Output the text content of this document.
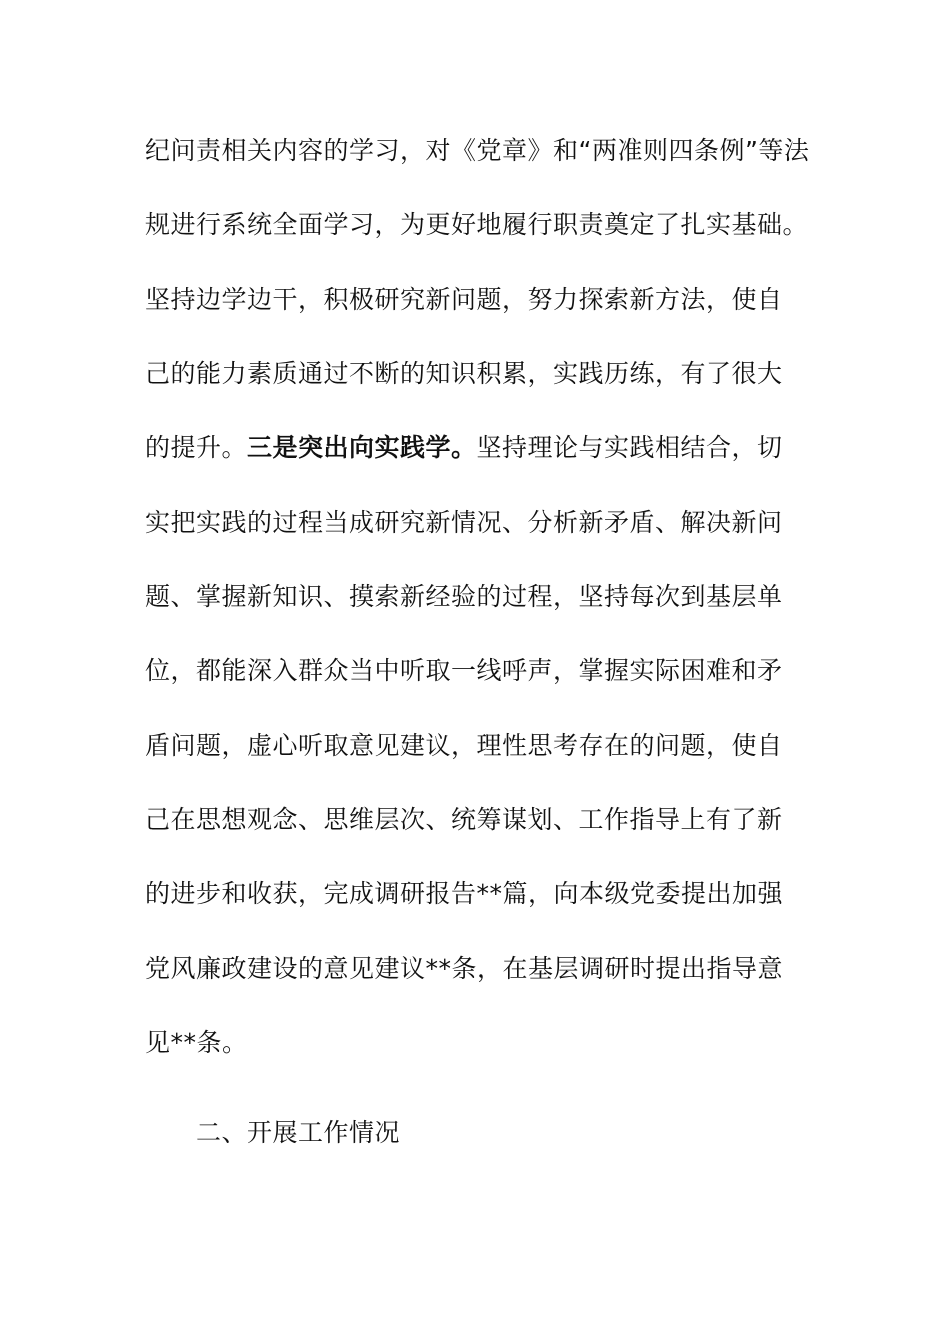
纪问责相关内容的学习，对《党章》和“两准则四条例”等法
规进行系统全面学习，为更好地履行职责奠定了扎实基础。
坚持边学边干，积极研究新问题，努力探索新方法，使自
己的能力素质通过不断的知识积累，实践历练，有了很大
的提升。三是突出向实践学。坚持理论与实践相结合，切
实把实践的过程当成研究新情况、分析新矛盾、解决新问
题、掌握新知识、摸索新经验的过程，坚持每次到基层单
位，都能深入群众当中听取一线呼声，掌握实际困难和矛
盾问题，虚心听取意见建议，理性思考存在的问题，使自
己在思想观念、思维层次、统筹谋划、工作指导上有了新
的进步和收获，完成调研报告**篇，向本级党委提出加强
党风廉政建设的意见建议**条，在基层调研时提出指导意
见**条。
二、开展工作情况
